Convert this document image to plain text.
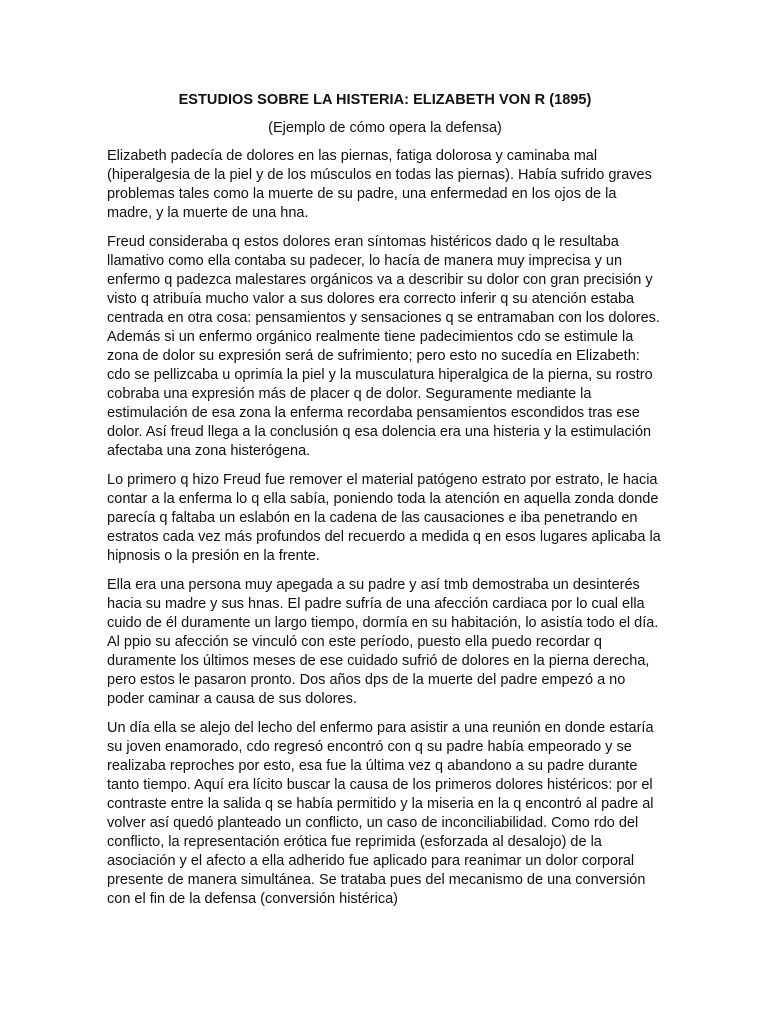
ESTUDIOS SOBRE LA HISTERIA: ELIZABETH VON R (1895)
(Ejemplo de cómo opera la defensa)

Elizabeth padecía de dolores en las piernas, fatiga dolorosa y caminaba mal (hiperalgesia de la piel y de los músculos en todas las piernas). Había sufrido graves problemas tales como la muerte de su padre, una enfermedad en los ojos de la madre, y la muerte de una hna.

Freud consideraba q estos dolores eran síntomas histéricos dado q le resultaba llamativo como ella contaba su padecer, lo hacía de manera muy imprecisa y un enfermo q padezca malestares orgánicos va a describir su dolor con gran precisión y visto q atribuía mucho valor a sus dolores era correcto inferir q su atención estaba centrada en otra cosa: pensamientos y sensaciones q se entramaban con los dolores. Además si un enfermo orgánico realmente tiene padecimientos cdo se estimule la zona de dolor su expresión será de sufrimiento; pero esto no sucedía en Elizabeth: cdo se pellizcaba u oprimía la piel y la musculatura hiperalgica de la pierna, su rostro cobraba una expresión más de placer q de dolor. Seguramente mediante la estimulación de esa zona la enferma recordaba pensamientos escondidos tras ese dolor. Así freud llega a la conclusión q esa dolencia era una histeria y la estimulación afectaba una zona histerógena.

Lo primero q hizo Freud fue remover el material patógeno estrato por estrato, le hacia contar a la enferma lo q ella sabía, poniendo toda la atención en aquella zonda donde parecía q faltaba un eslabón en la cadena de las causaciones e iba penetrando en estratos cada vez más profundos del recuerdo a medida q en esos lugares aplicaba la hipnosis o la presión en la frente.

Ella era una persona muy apegada a su padre y así tmb demostraba un desinterés hacia su madre y sus hnas. El padre sufría de una afección cardiaca por lo cual ella cuido de él duramente un largo tiempo, dormía en su habitación, lo asistía todo el día. Al ppio su afección se vinculó con este período, puesto ella puedo recordar q duramente los últimos meses de ese cuidado sufrió de dolores en la pierna derecha, pero estos le pasaron pronto. Dos años dps de la muerte del padre empezó a no poder caminar a causa de sus dolores.

Un día ella se alejo del lecho del enfermo para asistir a una reunión en donde estaría su joven enamorado, cdo regresó encontró con q su padre había empeorado y se realizaba reproches por esto, esa fue la última vez q abandono a su padre durante tanto tiempo. Aquí era lícito buscar la causa de los primeros dolores histéricos: por el contraste entre la salida q se había permitido y la miseria en la q encontró al padre al volver así quedó planteado un conflicto, un caso de inconciliabilidad. Como rdo del conflicto, la representación erótica fue reprimida (esforzada al desalojo) de la asociación y el afecto a ella adherido fue aplicado para reanimar un dolor corporal presente de manera simultánea. Se trataba pues del mecanismo de una conversión con el fin de la defensa (conversión histérica)
